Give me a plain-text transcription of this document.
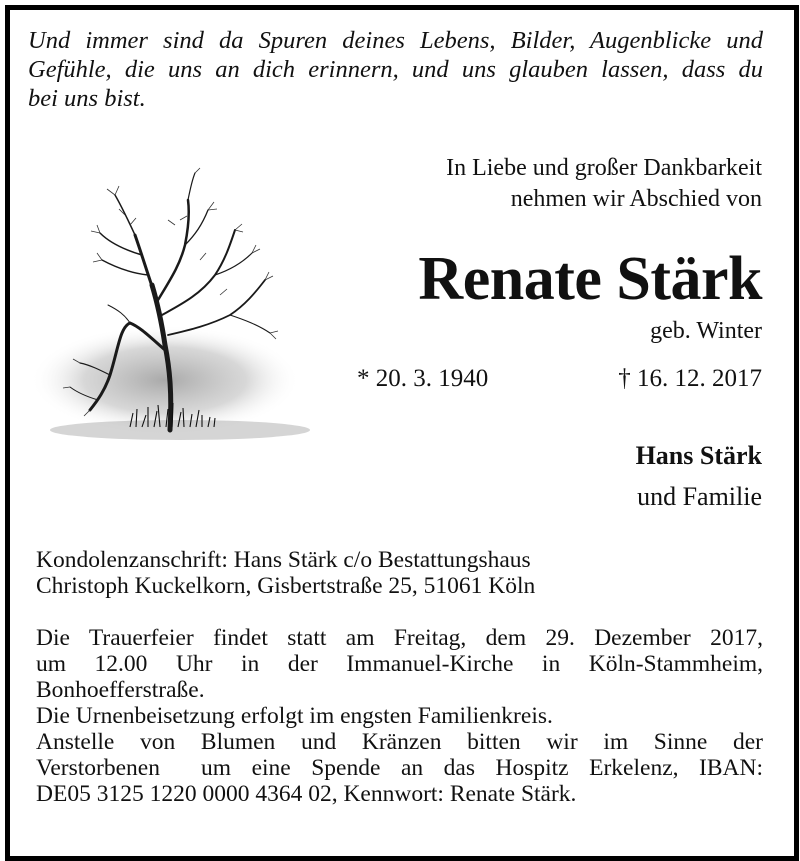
Und immer sind da Spuren deines Lebens, Bilder, Augenblicke und
Gefühle, die uns an dich erinnern, und uns glauben lassen, dass du
bei uns bist.
In Liebe und großer Dankbarkeit
nehmen wir Abschied von
Renate Stärk
geb. Winter
* 20. 3. 1940	† 16. 12. 2017
Hans Stärk
und Familie
Kondolenzanschrift: Hans Stärk c/o Bestattungshaus
Christoph Kuckelkorn, Gisbertstraße 25, 51061 Köln
Die Trauerfeier findet statt am Freitag, dem 29. Dezember 2017,
um 12.00 Uhr in der Immanuel-Kirche in Köln-Stammheim,
Bonhoefferstraße.
Die Urnenbeisetzung erfolgt im engsten Familienkreis.
Anstelle von Blumen und Kränzen bitten wir im Sinne der
Verstorbenen  um eine Spende an das Hospitz Erkelenz, IBAN:
DE05 3125 1220 0000 4364 02, Kennwort: Renate Stärk.
